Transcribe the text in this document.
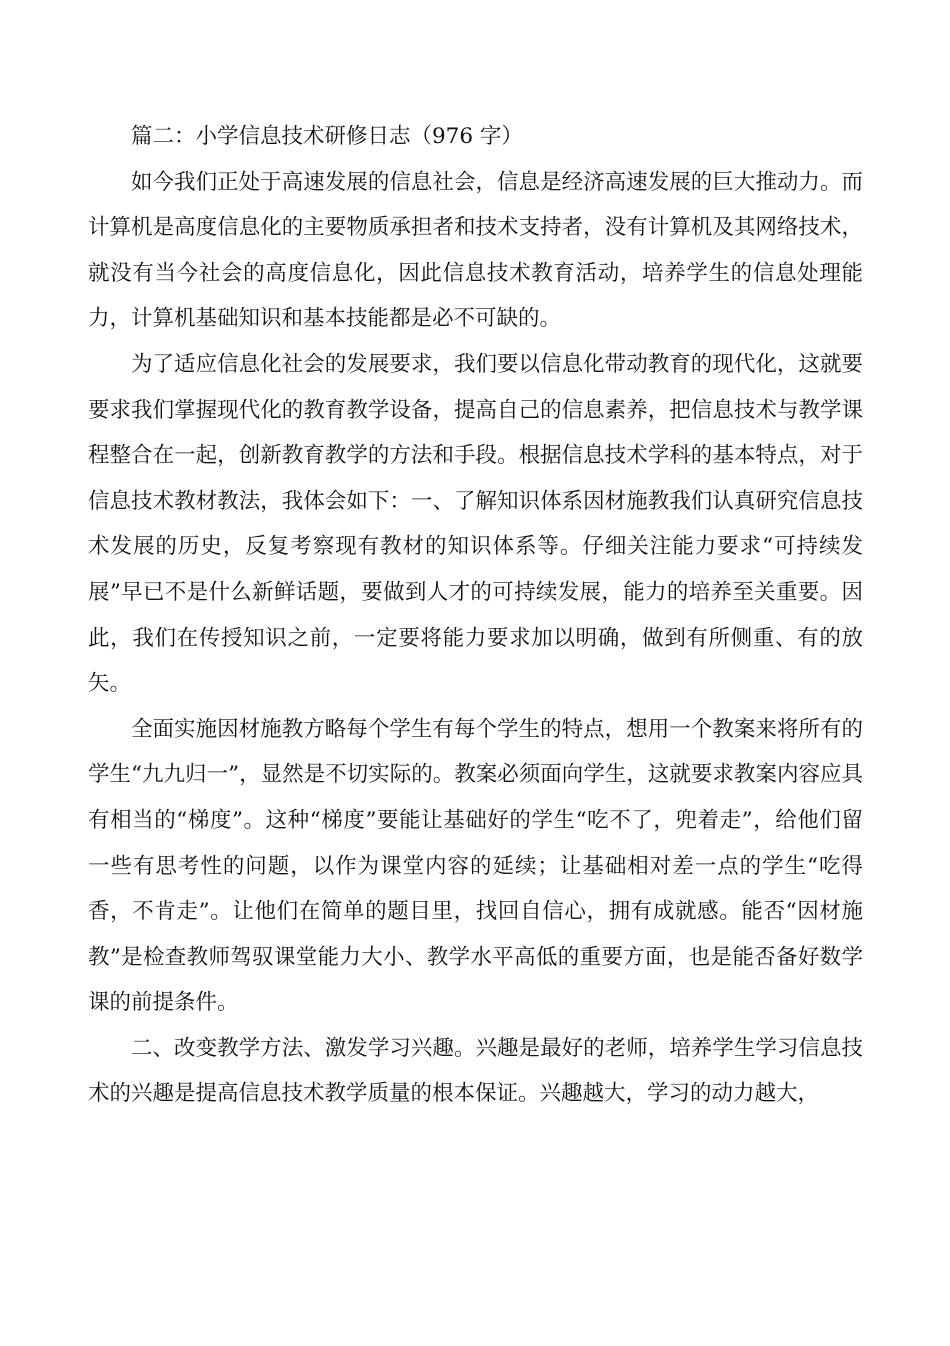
篇二：小学信息技术研修日志（976 字）

如今我们正处于高速发展的信息社会，信息是经济高速发展的巨大推动力。而计算机是高度信息化的主要物质承担者和技术支持者，没有计算机及其网络技术，就没有当今社会的高度信息化，因此信息技术教育活动，培养学生的信息处理能力，计算机基础知识和基本技能都是必不可缺的。

为了适应信息化社会的发展要求，我们要以信息化带动教育的现代化，这就要要求我们掌握现代化的教育教学设备，提高自己的信息素养，把信息技术与教学课程整合在一起，创新教育教学的方法和手段。根据信息技术学科的基本特点，对于信息技术教材教法，我体会如下：一、了解知识体系因材施教我们认真研究信息技术发展的历史，反复考察现有教材的知识体系等。仔细关注能力要求“可持续发展”早已不是什么新鲜话题，要做到人才的可持续发展，能力的培养至关重要。因此，我们在传授知识之前，一定要将能力要求加以明确，做到有所侧重、有的放矢。

全面实施因材施教方略每个学生有每个学生的特点，想用一个教案来将所有的学生“九九归一”，显然是不切实际的。教案必须面向学生，这就要求教案内容应具有相当的“梯度”。这种“梯度”要能让基础好的学生“吃不了，兜着走”，给他们留一些有思考性的问题，以作为课堂内容的延续；让基础相对差一点的学生“吃得香，不肯走”。让他们在简单的题目里，找回自信心，拥有成就感。能否“因材施教”是检查教师驾驭课堂能力大小、教学水平高低的重要方面，也是能否备好数学课的前提条件。

二、改变教学方法、激发学习兴趣。兴趣是最好的老师，培养学生学习信息技术的兴趣是提高信息技术教学质量的根本保证。兴趣越大，学习的动力越大，
